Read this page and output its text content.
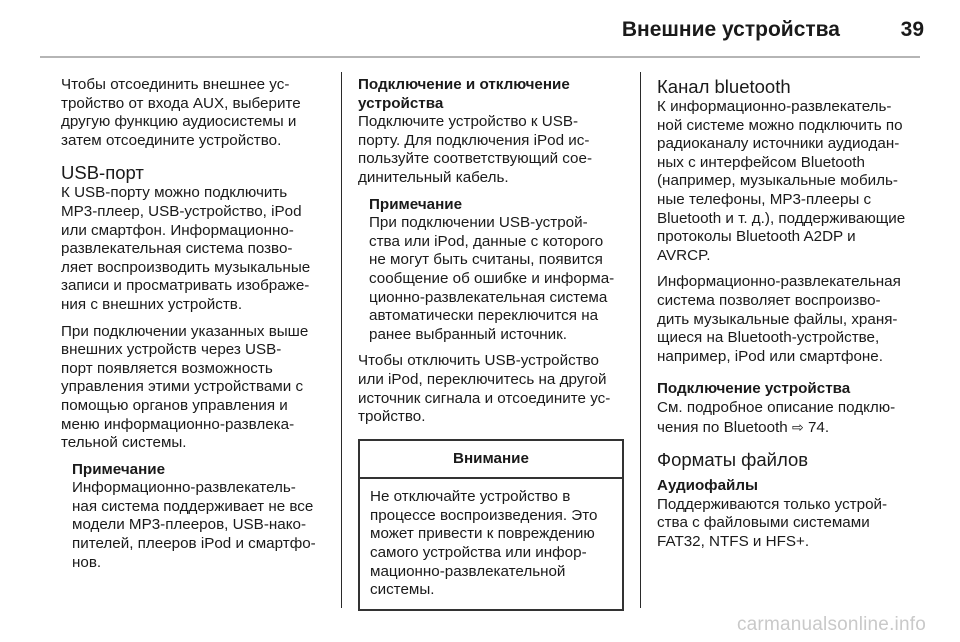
Внешние устройства	39

Чтобы отсоединить внешнее ус-
тройство от входа AUX, выберите
другую функцию аудиосистемы и
затем отсоедините устройство.

USB-порт

К USB-порту можно подключить
MP3-плеер, USB-устройство, iPod
или смартфон. Информационно-
развлекательная система позво-
ляет воспроизводить музыкальные
записи и просматривать изображе-
ния с внешних устройств.

При подключении указанных выше
внешних устройств через USB-
порт появляется возможность
управления этими устройствами с
помощью органов управления и
меню информационно-развлека-
тельной системы.

Примечание
Информационно-развлекатель-
ная система поддерживает не все
модели MP3-плееров, USB-нако-
пителей, плееров iPod и смартфо-
нов.
Подключение и отключение
устройства

Подключите устройство к USB-
порту. Для подключения iPod ис-
пользуйте соответствующий сое-
динительный кабель.

Примечание
При подключении USB-устрой-
ства или iPod, данные с которого
не могут быть считаны, появится
сообщение об ошибке и информа-
ционно-развлекательная система
автоматически переключится на
ранее выбранный источник.

Чтобы отключить USB-устройство
или iPod, переключитесь на другой
источник сигнала и отсоедините ус-
тройство.

Внимание
Не отключайте устройство в
процессе воспроизведения. Это
может привести к повреждению
самого устройства или инфор-
мационно-развлекательной
системы.
Канал bluetooth

К информационно-развлекатель-
ной системе можно подключить по
радиоканалу источники аудиодан-
ных с интерфейсом Bluetooth
(например, музыкальные мобиль-
ные телефоны, MP3-плееры с
Bluetooth и т. д.), поддерживающие
протоколы Bluetooth A2DP и
AVRCP.

Информационно-развлекательная
система позволяет воспроизво-
дить музыкальные файлы, храня-
щиеся на Bluetooth-устройстве,
например, iPod или смартфоне.

Подключение устройства

См. подробное описание подклю-
чения по Bluetooth ⇨ 74.

Форматы файлов
Аудиофайлы

Поддерживаются только устрой-
ства с файловыми системами
FAT32, NTFS и HFS+.

carmanualsonline.info
